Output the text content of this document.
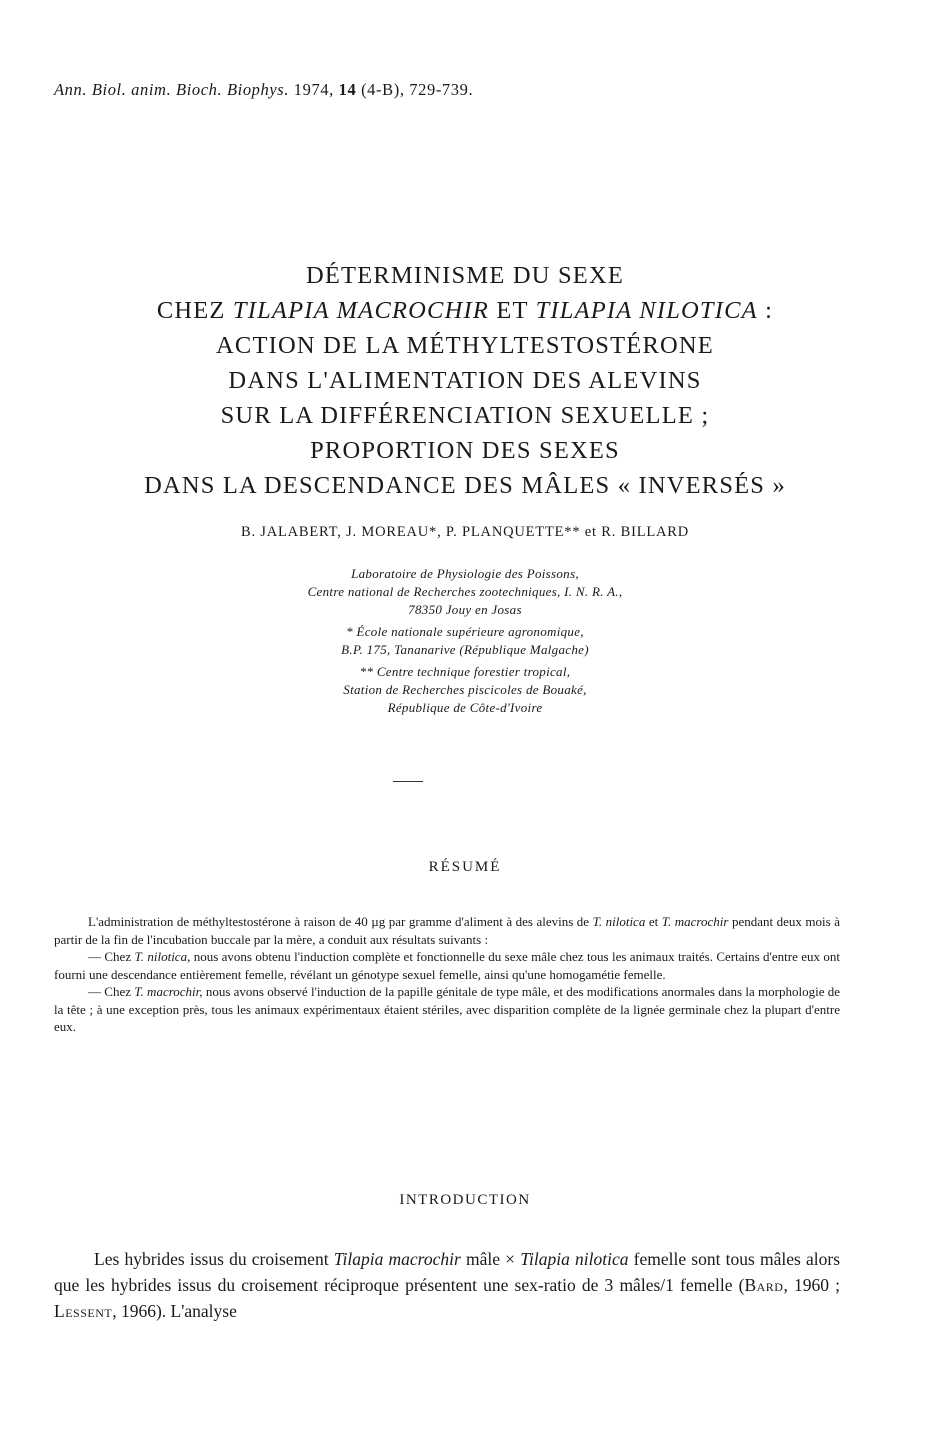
Ann. Biol. anim. Bioch. Biophys. 1974, 14 (4-B), 729-739.
DÉTERMINISME DU SEXE
CHEZ TILAPIA MACROCHIR ET TILAPIA NILOTICA :
ACTION DE LA MÉTHYLTESTOSTÉRONE
DANS L'ALIMENTATION DES ALEVINS
SUR LA DIFFÉRENCIATION SEXUELLE ;
PROPORTION DES SEXES
DANS LA DESCENDANCE DES MÂLES « INVERSÉS »
B. JALABERT, J. MOREAU*, P. PLANQUETTE** et R. BILLARD
Laboratoire de Physiologie des Poissons,
Centre national de Recherches zootechniques, I. N. R. A.,
78350 Jouy en Josas
* École nationale supérieure agronomique,
B.P. 175, Tananarive (République Malgache)
** Centre technique forestier tropical,
Station de Recherches piscicoles de Bouaké,
République de Côte-d'Ivoire
RÉSUMÉ

L'administration de méthyltestostérone à raison de 40 µg par gramme d'aliment à des alevins de T. nilotica et T. macrochir pendant deux mois à partir de la fin de l'incubation buccale par la mère, a conduit aux résultats suivants :

— Chez T. nilotica, nous avons obtenu l'induction complète et fonctionnelle du sexe mâle chez tous les animaux traités. Certains d'entre eux ont fourni une descendance entièrement femelle, révélant un génotype sexuel femelle, ainsi qu'une homogamétie femelle.

— Chez T. macrochir, nous avons observé l'induction de la papille génitale de type mâle, et des modifications anormales dans la morphologie de la tête ; à une exception près, tous les animaux expérimentaux étaient stériles, avec disparition complète de la lignée germinale chez la plupart d'entre eux.

INTRODUCTION

Les hybrides issus du croisement Tilapia macrochir mâle × Tilapia nilotica femelle sont tous mâles alors que les hybrides issus du croisement réciproque présentent une sex-ratio de 3 mâles/1 femelle (Bard, 1960 ; Lessent, 1966). L'analyse
